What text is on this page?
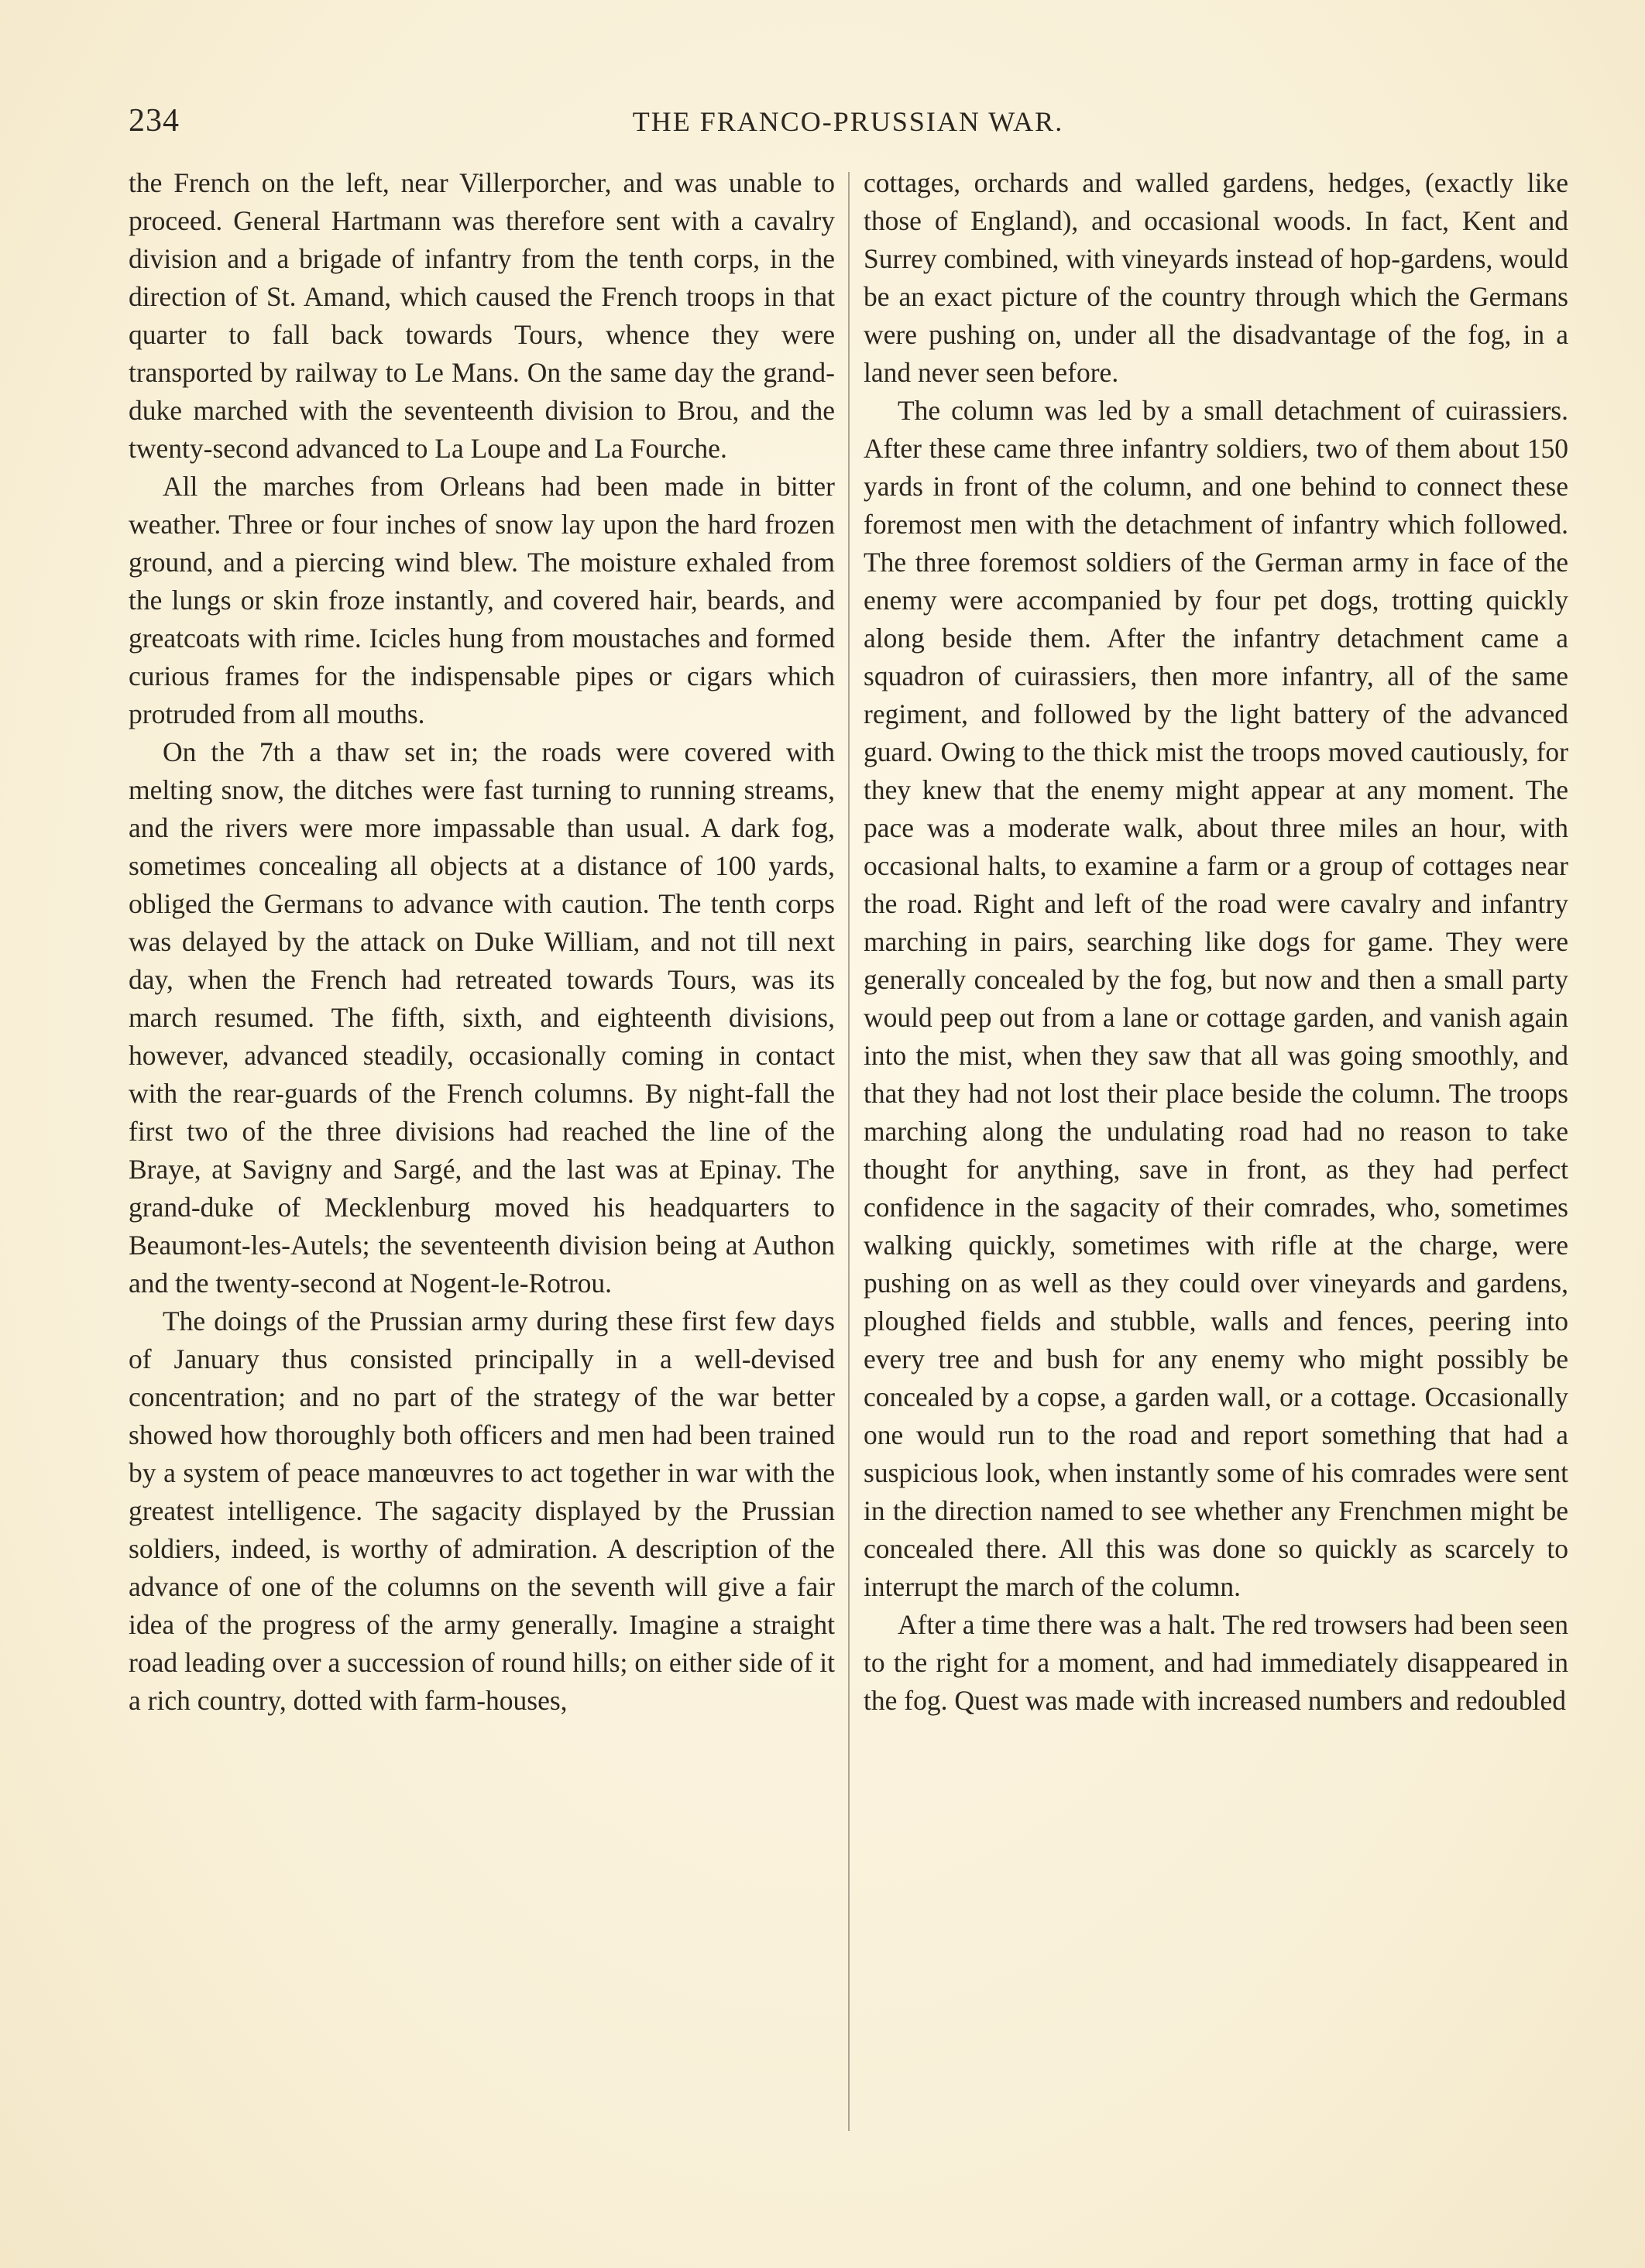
234	THE FRANCO-PRUSSIAN WAR.

the French on the left, near Villerporcher, and was unable to proceed. General Hartmann was therefore sent with a cavalry division and a brigade of infantry from the tenth corps, in the direction of St. Amand, which caused the French troops in that quarter to fall back towards Tours, whence they were transported by railway to Le Mans. On the same day the grand-duke marched with the seventeenth division to Brou, and the twenty-second advanced to La Loupe and La Fourche.

All the marches from Orleans had been made in bitter weather. Three or four inches of snow lay upon the hard frozen ground, and a piercing wind blew. The moisture exhaled from the lungs or skin froze instantly, and covered hair, beards, and greatcoats with rime. Icicles hung from moustaches and formed curious frames for the indispensable pipes or cigars which protruded from all mouths.

On the 7th a thaw set in; the roads were covered with melting snow, the ditches were fast turning to running streams, and the rivers were more impassable than usual. A dark fog, sometimes concealing all objects at a distance of 100 yards, obliged the Germans to advance with caution. The tenth corps was delayed by the attack on Duke William, and not till next day, when the French had retreated towards Tours, was its march resumed. The fifth, sixth, and eighteenth divisions, however, advanced steadily, occasionally coming in contact with the rear-guards of the French columns. By night-fall the first two of the three divisions had reached the line of the Braye, at Savigny and Sargé, and the last was at Epinay. The grand-duke of Mecklenburg moved his headquarters to Beaumont-les-Autels; the seventeenth division being at Authon and the twenty-second at Nogent-le-Rotrou.

The doings of the Prussian army during these first few days of January thus consisted principally in a well-devised concentration; and no part of the strategy of the war better showed how thoroughly both officers and men had been trained by a system of peace manœuvres to act together in war with the greatest intelligence. The sagacity displayed by the Prussian soldiers, indeed, is worthy of admiration. A description of the advance of one of the columns on the seventh will give a fair idea of the progress of the army generally. Imagine a straight road leading over a succession of round hills; on either side of it a rich country, dotted with farm-houses,

cottages, orchards and walled gardens, hedges, (exactly like those of England), and occasional woods. In fact, Kent and Surrey combined, with vineyards instead of hop-gardens, would be an exact picture of the country through which the Germans were pushing on, under all the disadvantage of the fog, in a land never seen before.

The column was led by a small detachment of cuirassiers. After these came three infantry soldiers, two of them about 150 yards in front of the column, and one behind to connect these foremost men with the detachment of infantry which followed. The three foremost soldiers of the German army in face of the enemy were accompanied by four pet dogs, trotting quickly along beside them. After the infantry detachment came a squadron of cuirassiers, then more infantry, all of the same regiment, and followed by the light battery of the advanced guard. Owing to the thick mist the troops moved cautiously, for they knew that the enemy might appear at any moment. The pace was a moderate walk, about three miles an hour, with occasional halts, to examine a farm or a group of cottages near the road. Right and left of the road were cavalry and infantry marching in pairs, searching like dogs for game. They were generally concealed by the fog, but now and then a small party would peep out from a lane or cottage garden, and vanish again into the mist, when they saw that all was going smoothly, and that they had not lost their place beside the column. The troops marching along the undulating road had no reason to take thought for anything, save in front, as they had perfect confidence in the sagacity of their comrades, who, sometimes walking quickly, sometimes with rifle at the charge, were pushing on as well as they could over vineyards and gardens, ploughed fields and stubble, walls and fences, peering into every tree and bush for any enemy who might possibly be concealed by a copse, a garden wall, or a cottage. Occasionally one would run to the road and report something that had a suspicious look, when instantly some of his comrades were sent in the direction named to see whether any Frenchmen might be concealed there. All this was done so quickly as scarcely to interrupt the march of the column.

After a time there was a halt. The red trowsers had been seen to the right for a moment, and had immediately disappeared in the fog. Quest was made with increased numbers and redoubled
